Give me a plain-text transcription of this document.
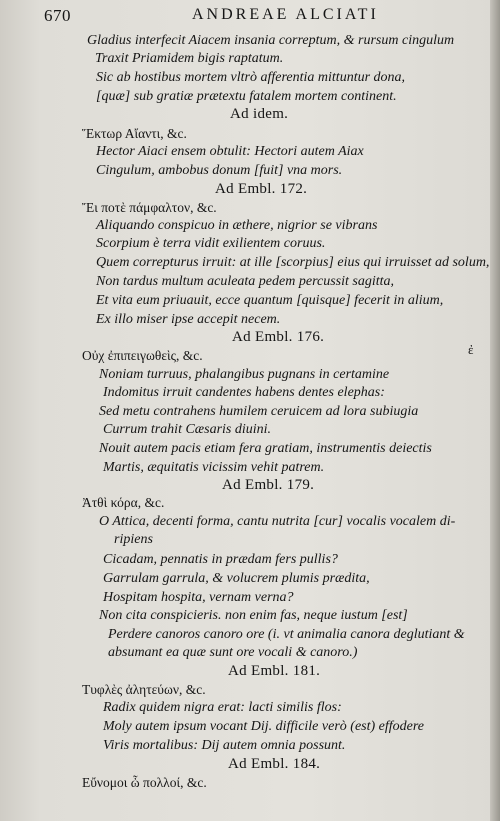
670	ANDREAE ALCIATI
Gladius interfecit Aiacem insania correptum, & rursum cingulum
Traxit Priamidem bigis raptatum.
Sic ab hostibus mortem vltrò afferentia mittuntur dona,
[quæ] sub gratiæ prætextu fatalem mortem continent.
Ad idem.
Ἕκτωρ Αἴαντι, &c.
Hector Aiaci ensem obtulit: Hectori autem Aiax
Cingulum, ambobus donum [fuit] vna mors.
Ad Embl. 172.
Ἔι ποτὲ πάμφαλτον, &c.
Aliquando conspicuo in æthere, nigrior se vibrans
Scorpium è terra vidit exilientem coruus.
Quem correpturus irruit: at ille [scorpius] eius qui irruisset ad solum,
Non tardus multum aculeata pedem percussit sagitta,
Et vita eum priuauit, ecce quantum [quisque] fecerit in alium,
Ex illo miser ipse accepit necem.
Ad Embl. 176.
Οὐχ ἐπιπειγωθεὶς, &c.
Noniam turruus, phalangibus pugnans in certamine
Indomitus irruit candentes habens dentes elephas:
Sed metu contrahens humilem ceruicem ad lora subiugia
Currum trahit Cæsaris diuini.
Nouit autem pacis etiam fera gratiam, instrumentis deiectis
Martis, æquitatis vicissim vehit patrem.
Ad Embl. 179.
Ἀτθὶ κόρα, &c.
O Attica, decenti forma, cantu nutrita [cur] vocalis vocalem di-
ripiens
Cicadam, pennatis in prædam fers pullis?
Garrulam garrula, & volucrem plumis prædita,
Hospitam hospita, vernam verna?
Non cita conspicieris. non enim fas, neque iustum [est]
Perdere canoros canoro ore (i. vt animalia canora deglutiant &
absumant ea quæ sunt ore vocali & canoro.)
Ad Embl. 181.
Τυφλὲς ἀλητεύων, &c.
Radix quidem nigra erat: lacti similis flos:
Moly autem ipsum vocant Dij. difficile verò (est) effodere
Viris mortalibus: Dij autem omnia possunt.
Ad Embl. 184.
Εὔνομοι ὦ πολλοί, &c.
ἐ
